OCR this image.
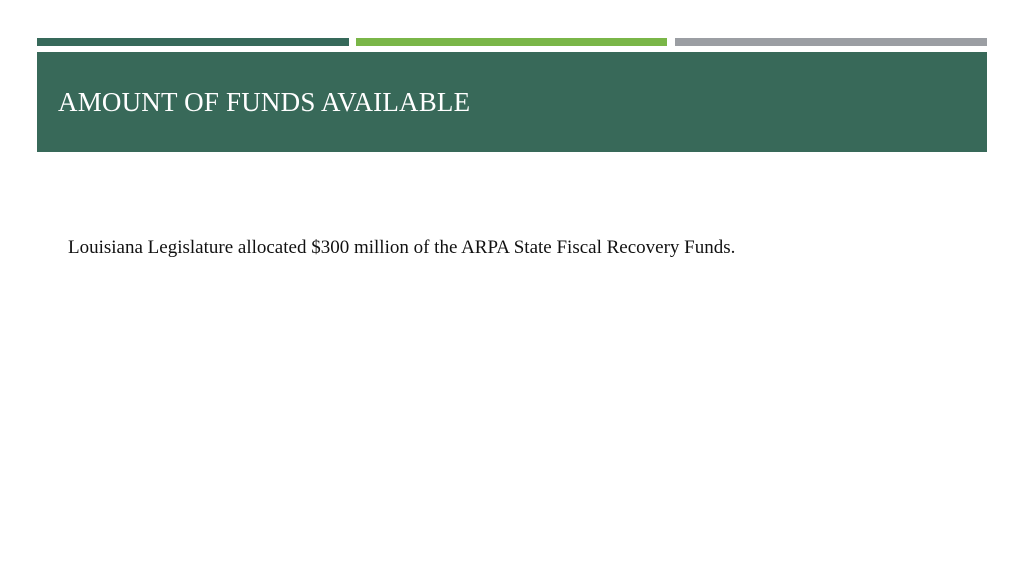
AMOUNT OF FUNDS AVAILABLE
Louisiana Legislature allocated $300 million of the ARPA State Fiscal Recovery Funds.
